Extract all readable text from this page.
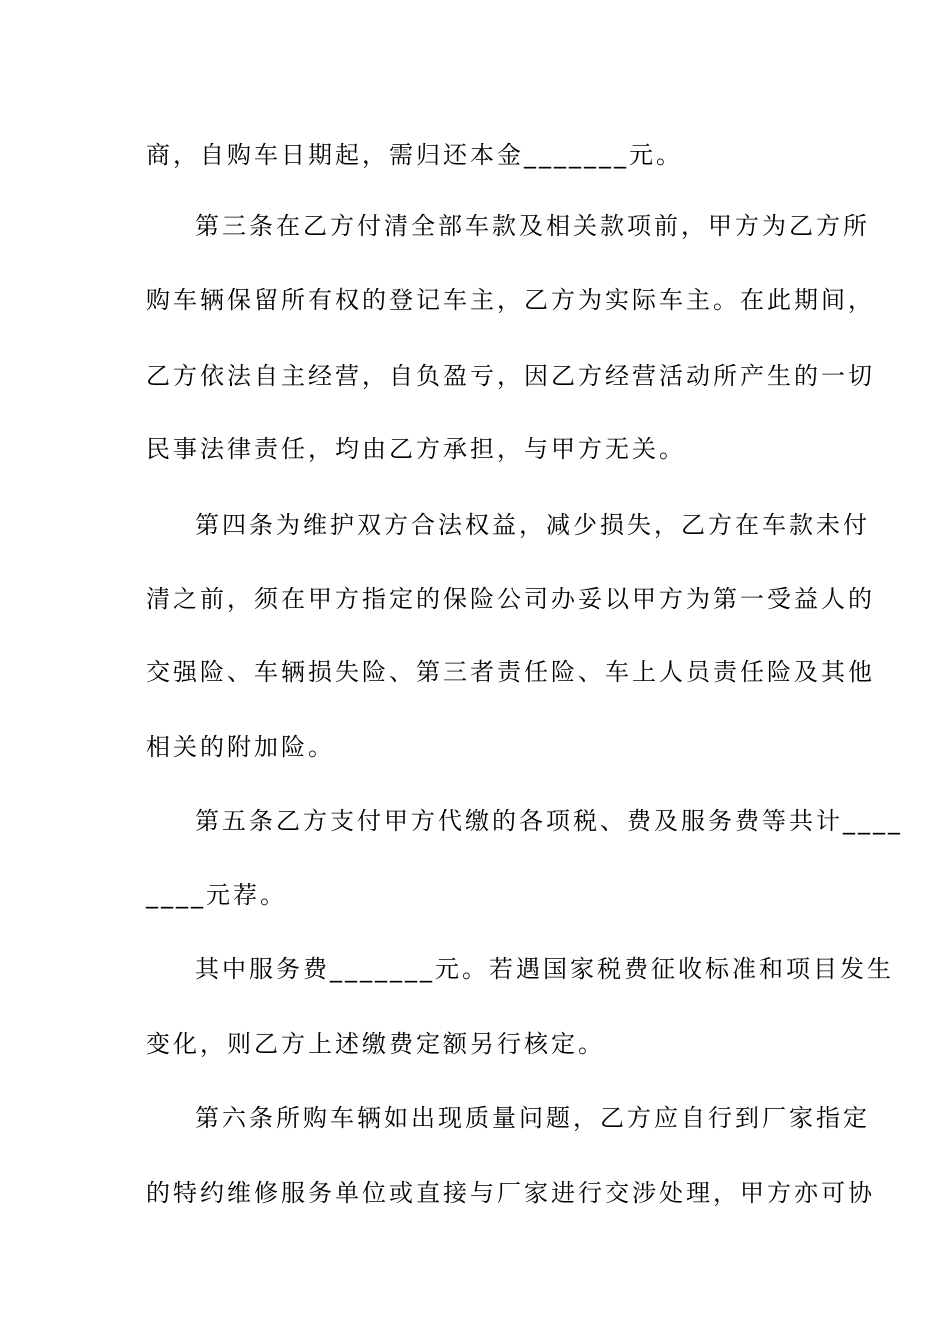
商，自购车日期起，需归还本金_______元。
第三条在乙方付清全部车款及相关款项前，甲方为乙方所
购车辆保留所有权的登记车主，乙方为实际车主。在此期间，
乙方依法自主经营，自负盈亏，因乙方经营活动所产生的一切
民事法律责任，均由乙方承担，与甲方无关。
第四条为维护双方合法权益，减少损失，乙方在车款未付
清之前，须在甲方指定的保险公司办妥以甲方为第一受益人的
交强险、车辆损失险、第三者责任险、车上人员责任险及其他
相关的附加险。
第五条乙方支付甲方代缴的各项税、费及服务费等共计____
____元荐。
其中服务费_______元。若遇国家税费征收标准和项目发生
变化，则乙方上述缴费定额另行核定。
第六条所购车辆如出现质量问题，乙方应自行到厂家指定
的特约维修服务单位或直接与厂家进行交涉处理，甲方亦可协
